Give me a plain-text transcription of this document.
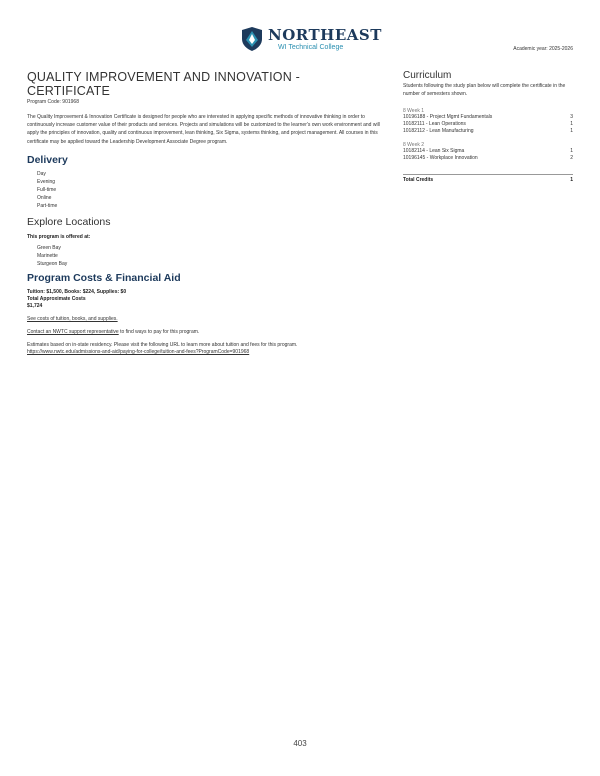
NORTHEAST
WI Technical College	Academic year: 2025-2026
QUALITY IMPROVEMENT AND INNOVATION -
CERTIFICATE
Program Code: 901968
The Quality Improvement & Innovation Certificate is designed for people who are interested in applying specific methods of innovative thinking in order to continuously increase customer value of their products and services. Projects and simulations will be customized to the learner's own work environment and will apply the principles of innovation, quality and continuous improvement, lean thinking, Six Sigma, systems thinking, and project management. All courses in this certificate may be applied toward the Leadership Development Associate Degree program.
Delivery
Day
Evening
Full-time
Online
Part-time
Explore Locations
This program is offered at:
Green Bay
Marinette
Sturgeon Bay
Program Costs & Financial Aid
Tuition: $1,500, Books: $224, Supplies: $0
Total Approximate Costs
$1,724
See costs of tuition, books, and supplies.
Contact an NWTC support representative to find ways to pay for this program.
Estimates based on in-state residency. Please visit the following URL to learn more about tuition and fees for this program.
https://www.nwtc.edu/admissions-and-aid/paying-for-college/tuition-and-fees?ProgramCode=901968
Curriculum
Students following the study plan below will complete the certificate in the number of semesters shown.
8 Week 1
10196188 - Project Mgmt Fundamentals	3
10182111 - Lean Operations	1
10182112 - Lean Manufacturing	1
8 Week 2
10182114 - Lean Six Sigma	1
10196145 - Workplace Innovation	2
Total Credits	1
403
